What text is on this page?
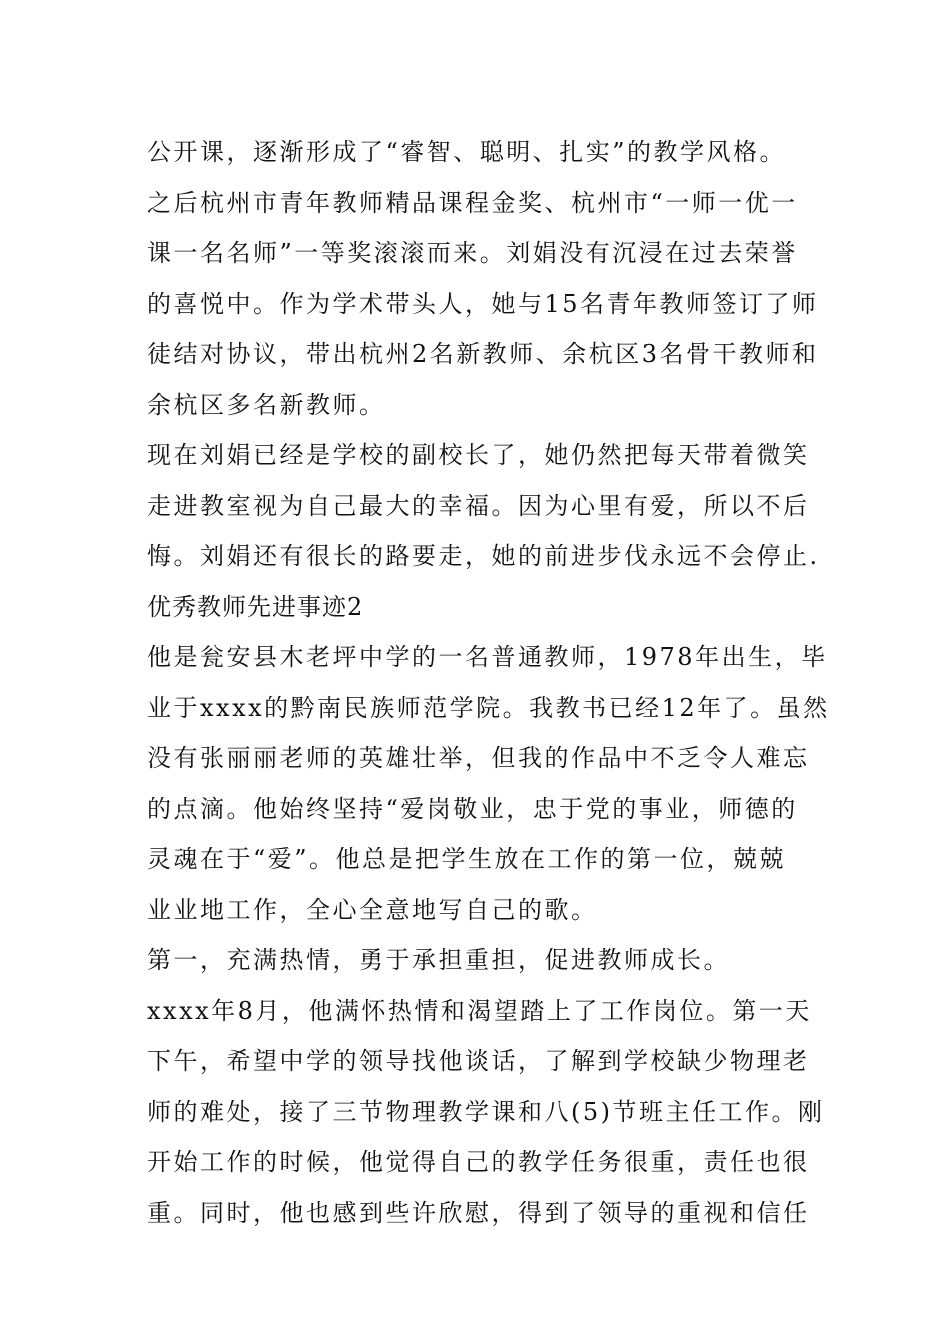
公开课，逐渐形成了“睿智、聪明、扎实”的教学风格。
之后杭州市青年教师精品课程金奖、杭州市“一师一优一
课一名名师”一等奖滚滚而来。刘娟没有沉浸在过去荣誉
的喜悦中。作为学术带头人，她与15名青年教师签订了师
徒结对协议，带出杭州2名新教师、余杭区3名骨干教师和
余杭区多名新教师。
现在刘娟已经是学校的副校长了，她仍然把每天带着微笑
走进教室视为自己最大的幸福。因为心里有爱，所以不后
悔。刘娟还有很长的路要走，她的前进步伐永远不会停止.
优秀教师先进事迹2
他是瓮安县木老坪中学的一名普通教师，1978年出生，毕
业于xxxx的黔南民族师范学院。我教书已经12年了。虽然
没有张丽丽老师的英雄壮举，但我的作品中不乏令人难忘
的点滴。他始终坚持“爱岗敬业，忠于党的事业，师德的
灵魂在于“爱”。他总是把学生放在工作的第一位，兢兢
业业地工作，全心全意地写自己的歌。
第一，充满热情，勇于承担重担，促进教师成长。
xxxx年8月，他满怀热情和渴望踏上了工作岗位。第一天
下午，希望中学的领导找他谈话，了解到学校缺少物理老
师的难处，接了三节物理教学课和八(5)节班主任工作。刚
开始工作的时候，他觉得自己的教学任务很重，责任也很
重。同时，他也感到些许欣慰，得到了领导的重视和信任
